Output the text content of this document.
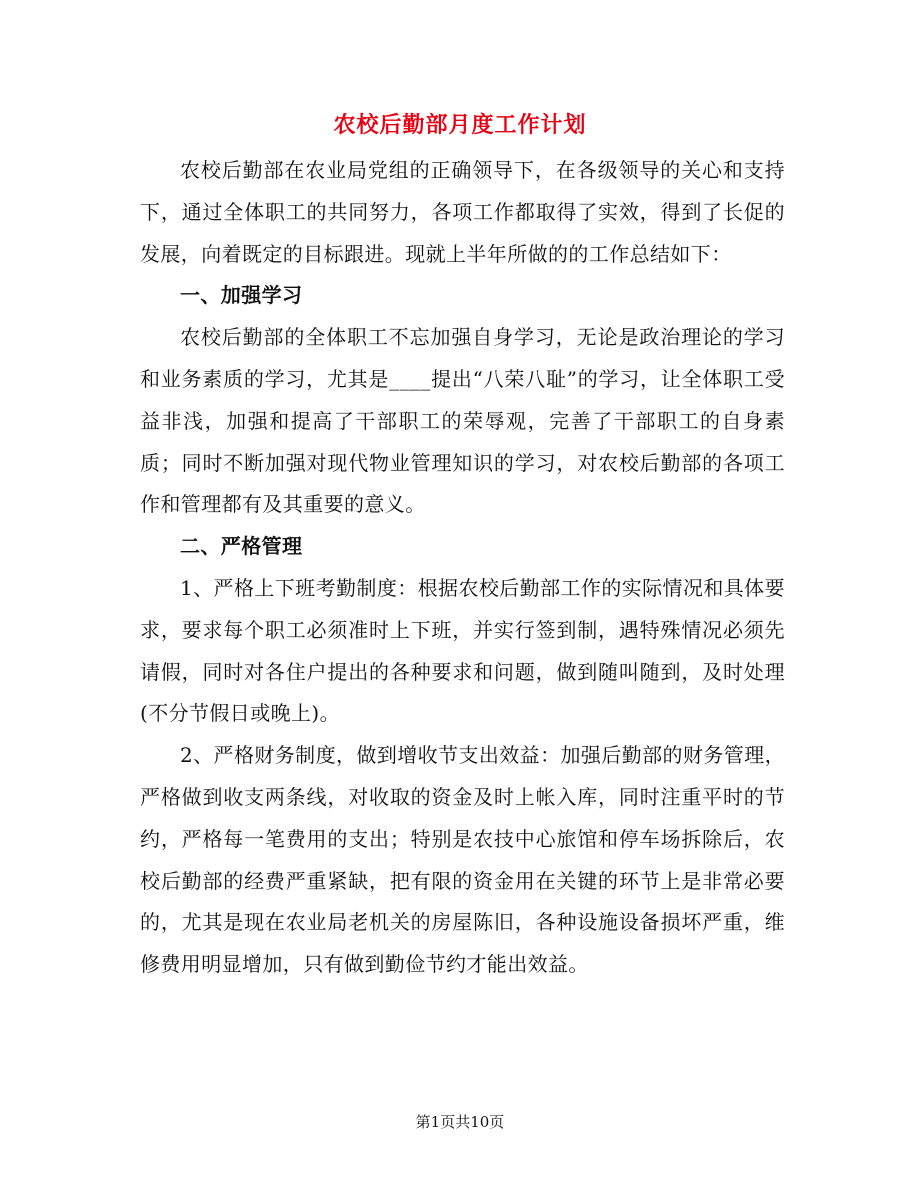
农校后勤部月度工作计划

农校后勤部在农业局党组的正确领导下，在各级领导的关心和支持下，通过全体职工的共同努力，各项工作都取得了实效，得到了长促的发展，向着既定的目标跟进。现就上半年所做的的工作总结如下：

一、加强学习

农校后勤部的全体职工不忘加强自身学习，无论是政治理论的学习和业务素质的学习，尤其是____提出“八荣八耻”的学习，让全体职工受益非浅，加强和提高了干部职工的荣辱观，完善了干部职工的自身素质；同时不断加强对现代物业管理知识的学习，对农校后勤部的各项工作和管理都有及其重要的意义。

二、严格管理

1、严格上下班考勤制度：根据农校后勤部工作的实际情况和具体要求，要求每个职工必须准时上下班，并实行签到制，遇特殊情况必须先请假，同时对各住户提出的各种要求和问题，做到随叫随到，及时处理(不分节假日或晚上)。

2、严格财务制度，做到增收节支出效益：加强后勤部的财务管理，严格做到收支两条线，对收取的资金及时上帐入库，同时注重平时的节约，严格每一笔费用的支出；特别是农技中心旅馆和停车场拆除后，农校后勤部的经费严重紧缺，把有限的资金用在关键的环节上是非常必要的，尤其是现在农业局老机关的房屋陈旧，各种设施设备损坏严重，维修费用明显增加，只有做到勤俭节约才能出效益。

第1页共10页
